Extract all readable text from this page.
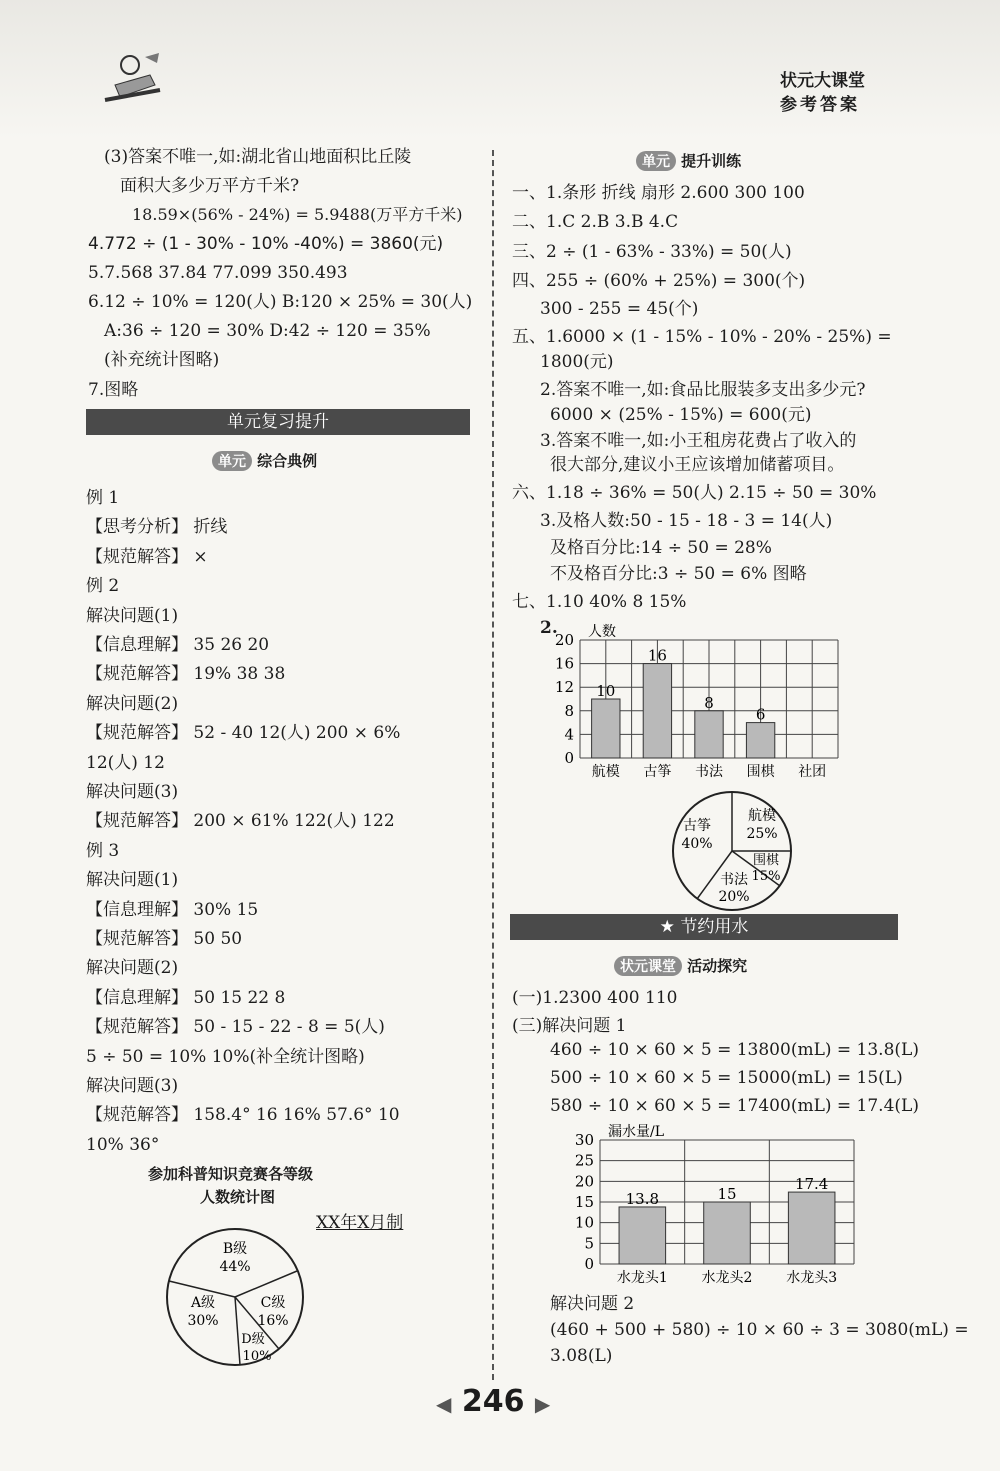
状元大课堂
参考答案
(3)答案不唯一,如:湖北省山地面积比丘陵
面积大多少万平方千米?
18.59×(56% - 24%) = 5.9488(万平方千米)
4.772 ÷ (1 - 30% - 10% -40%) = 3860(元)
5.7.568 37.84 77.099 350.493
6.12 ÷ 10% = 120(人) B:120 × 25% = 30(人)
A:36 ÷ 120 = 30% D:42 ÷ 120 = 35%
(补充统计图略)
7.图略
单元复习提升
单元 综合典例
例 1
【思考分析】 折线
【规范解答】 ×
例 2
解决问题(1)
【信息理解】 35 26 20
【规范解答】 19% 38 38
解决问题(2)
【规范解答】 52 - 40 12(人) 200 × 6%
12(人) 12
解决问题(3)
【规范解答】 200 × 61% 122(人) 122
例 3
解决问题(1)
【信息理解】 30% 15
【规范解答】 50 50
解决问题(2)
【信息理解】 50 15 22 8
【规范解答】 50 - 15 - 22 - 8 = 5(人)
5 ÷ 50 = 10% 10%(补全统计图略)
解决问题(3)
【规范解答】 158.4° 16 16% 57.6° 10
10% 36°
参加科普知识竞赛各等级
人数统计图
XX年X月制
B级
44%
A级
30%
C级
16%
D级
10%
单元 提升训练
一、1.条形 折线 扇形 2.600 300 100
二、1.C 2.B 3.B 4.C
三、2 ÷ (1 - 63% - 33%) = 50(人)
四、255 ÷ (60% + 25%) = 300(个)
300 - 255 = 45(个)
五、1.6000 × (1 - 15% - 10% - 20% - 25%) =
1800(元)
2.答案不唯一,如:食品比服装多支出多少元?
6000 × (25% - 15%) = 600(元)
3.答案不唯一,如:小王租房花费占了收入的
很大部分,建议小王应该增加储蓄项目。
六、1.18 ÷ 36% = 50(人) 2.15 ÷ 50 = 30%
3.及格人数:50 - 15 - 18 - 3 = 14(人)
及格百分比:14 ÷ 50 = 28%
不及格百分比:3 ÷ 50 = 6% 图略
七、1.10 40% 8 15%
2.
0
4
8
12
16
20 人数
航模
10
古筝
16
书法
8
围棋
6
社团
古筝
40%
航模
25%
围棋
15%
书法
20%
★ 节约用水
状元课堂 活动探究
(一)1.2300 400 110
(三)解决问题 1
460 ÷ 10 × 60 × 5 = 13800(mL) = 13.8(L)
500 ÷ 10 × 60 × 5 = 15000(mL) = 15(L)
580 ÷ 10 × 60 × 5 = 17400(mL) = 17.4(L)
0
5
10
15
20
25
30 漏水量/L
水龙头1
13.8
水龙头2
15
水龙头3
17.4
解决问题 2
(460 + 500 + 580) ÷ 10 × 60 ÷ 3 = 3080(mL) =
3.08(L)
◀ 246 ▶
